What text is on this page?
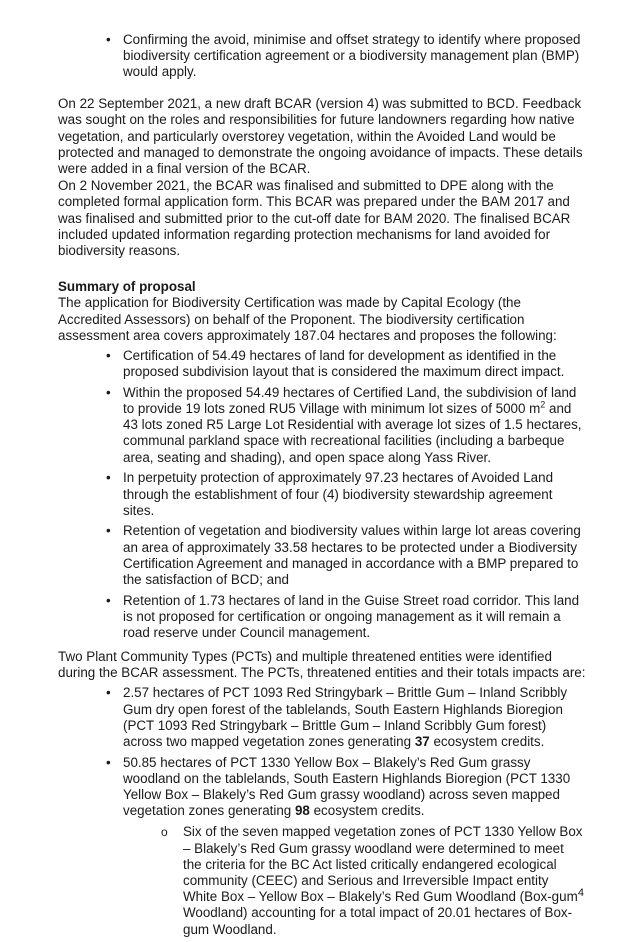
• Confirming the avoid, minimise and offset strategy to identify where proposed biodiversity certification agreement or a biodiversity management plan (BMP) would apply.

On 22 September 2021, a new draft BCAR (version 4) was submitted to BCD. Feedback was sought on the roles and responsibilities for future landowners regarding how native vegetation, and particularly overstorey vegetation, within the Avoided Land would be protected and managed to demonstrate the ongoing avoidance of impacts. These details were added in a final version of the BCAR.

On 2 November 2021, the BCAR was finalised and submitted to DPE along with the completed formal application form. This BCAR was prepared under the BAM 2017 and was finalised and submitted prior to the cut-off date for BAM 2020. The finalised BCAR included updated information regarding protection mechanisms for land avoided for biodiversity reasons.

Summary of proposal

The application for Biodiversity Certification was made by Capital Ecology (the Accredited Assessors) on behalf of the Proponent. The biodiversity certification assessment area covers approximately 187.04 hectares and proposes the following:

• Certification of 54.49 hectares of land for development as identified in the proposed subdivision layout that is considered the maximum direct impact.
• Within the proposed 54.49 hectares of Certified Land, the subdivision of land to provide 19 lots zoned RU5 Village with minimum lot sizes of 5000 $m^2$ and 43 lots zoned R5 Large Lot Residential with average lot sizes of 1.5 hectares, communal parkland space with recreational facilities (including a barbeque area, seating and shading), and open space along Yass River.
• In perpetuity protection of approximately 97.23 hectares of Avoided Land through the establishment of four (4) biodiversity stewardship agreement sites.
• Retention of vegetation and biodiversity values within large lot areas covering an area of approximately 33.58 hectares to be protected under a Biodiversity Certification Agreement and managed in accordance with a BMP prepared to the satisfaction of BCD; and
• Retention of 1.73 hectares of land in the Guise Street road corridor. This land is not proposed for certification or ongoing management as it will remain a road reserve under Council management.

Two Plant Community Types (PCTs) and multiple threatened entities were identified during the BCAR assessment. The PCTs, threatened entities and their totals impacts are:

• 2.57 hectares of PCT 1093 Red Stringybark – Brittle Gum – Inland Scribbly Gum dry open forest of the tablelands, South Eastern Highlands Bioregion (PCT 1093 Red Stringybark – Brittle Gum – Inland Scribbly Gum forest) across two mapped vegetation zones generating 37 ecosystem credits.
• 50.85 hectares of PCT 1330 Yellow Box – Blakely’s Red Gum grassy woodland on the tablelands, South Eastern Highlands Bioregion (PCT 1330 Yellow Box – Blakely’s Red Gum grassy woodland) across seven mapped vegetation zones generating 98 ecosystem credits.
o Six of the seven mapped vegetation zones of PCT 1330 Yellow Box – Blakely’s Red Gum grassy woodland were determined to meet the criteria for the BC Act listed critically endangered ecological community (CEEC) and Serious and Irreversible Impact entity White Box – Yellow Box – Blakely’s Red Gum Woodland (Box-gum Woodland) accounting for a total impact of 20.01 hectares of Box-gum Woodland.
4
